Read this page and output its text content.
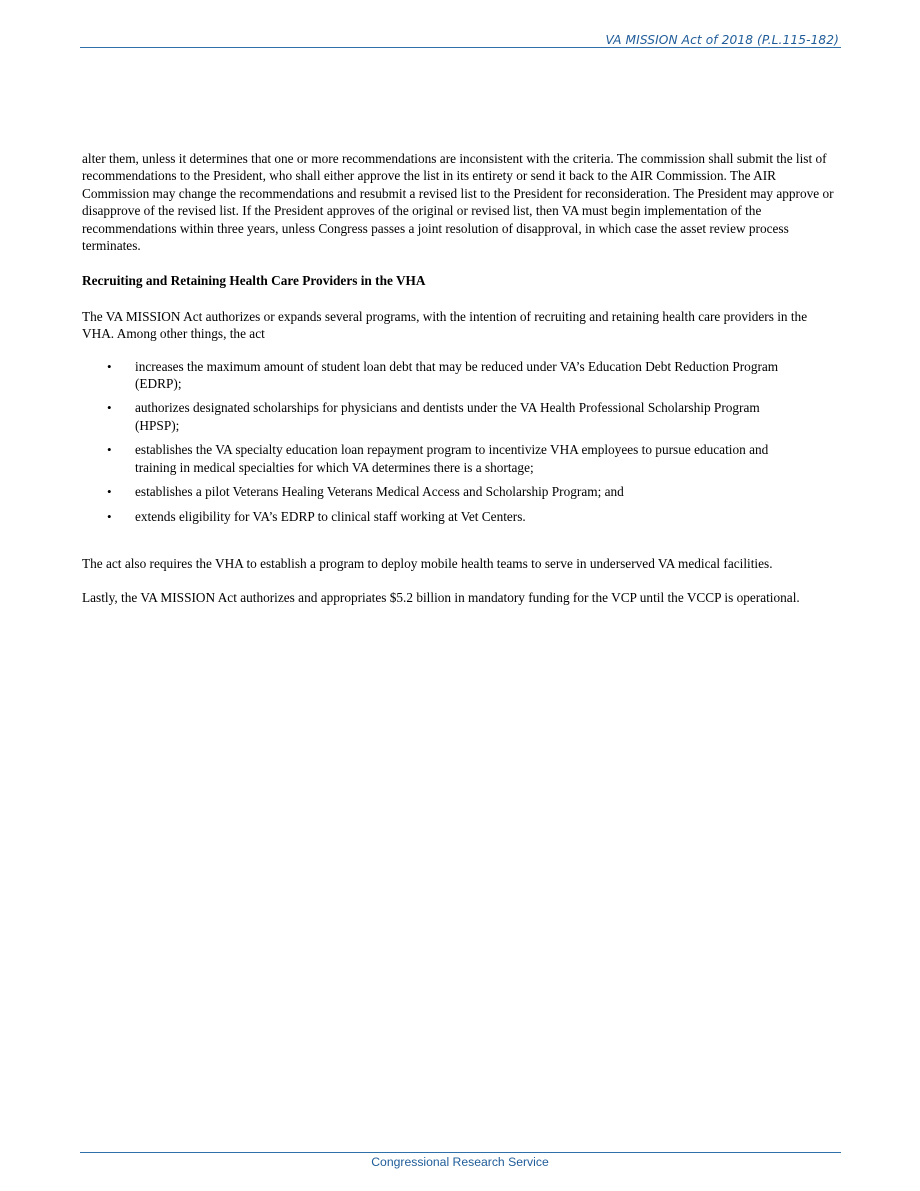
VA MISSION Act of 2018 (P.L.115-182)

alter them, unless it determines that one or more recommendations are inconsistent with the criteria. The commission shall submit the list of recommendations to the President, who shall either approve the list in its entirety or send it back to the AIR Commission. The AIR Commission may change the recommendations and resubmit a revised list to the President for reconsideration. The President may approve or disapprove of the revised list. If the President approves of the original or revised list, then VA must begin implementation of the recommendations within three years, unless Congress passes a joint resolution of disapproval, in which case the asset review process terminates.

Recruiting and Retaining Health Care Providers in the VHA

The VA MISSION Act authorizes or expands several programs, with the intention of recruiting and retaining health care providers in the VHA. Among other things, the act

• increases the maximum amount of student loan debt that may be reduced under VA’s Education Debt Reduction Program (EDRP);
• authorizes designated scholarships for physicians and dentists under the VA Health Professional Scholarship Program (HPSP);
• establishes the VA specialty education loan repayment program to incentivize VHA employees to pursue education and training in medical specialties for which VA determines there is a shortage;
• establishes a pilot Veterans Healing Veterans Medical Access and Scholarship Program; and
• extends eligibility for VA’s EDRP to clinical staff working at Vet Centers.

The act also requires the VHA to establish a program to deploy mobile health teams to serve in underserved VA medical facilities.

Lastly, the VA MISSION Act authorizes and appropriates $5.2 billion in mandatory funding for the VCP until the VCCP is operational.

Congressional Research Service
